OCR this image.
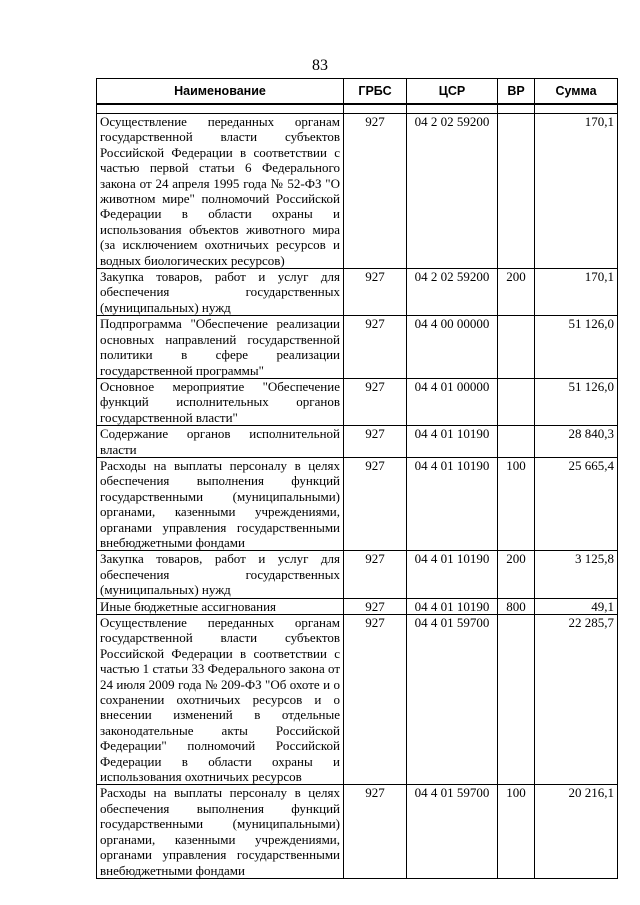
83
Наименование	ГРБС	ЦСР	ВР	Сумма

Осуществление переданных органам государственной власти субъектов Российской Федерации в соответствии с частью первой статьи 6 Федерального закона от 24 апреля 1995 года № 52-ФЗ "О животном мире" полномочий Российской Федерации в области охраны и использования объектов животного мира (за исключением охотничьих ресурсов и водных биологических ресурсов)	927	04 2 02 59200		170,1
Закупка товаров, работ и услуг для обеспечения государственных (муниципальных) нужд	927	04 2 02 59200	200	170,1
Подпрограмма "Обеспечение реализации основных направлений государственной политики в сфере реализации государственной программы"	927	04 4 00 00000		51 126,0
Основное мероприятие "Обеспечение функций исполнительных органов государственной власти"	927	04 4 01 00000		51 126,0
Содержание органов исполнительной власти	927	04 4 01 10190		28 840,3
Расходы на выплаты персоналу в целях обеспечения выполнения функций государственными (муниципальными) органами, казенными учреждениями, органами управления государственными внебюджетными фондами	927	04 4 01 10190	100	25 665,4
Закупка товаров, работ и услуг для обеспечения государственных (муниципальных) нужд	927	04 4 01 10190	200	3 125,8
Иные бюджетные ассигнования	927	04 4 01 10190	800	49,1
Осуществление переданных органам государственной власти субъектов Российской Федерации в соответствии с частью 1 статьи 33 Федерального закона от 24 июля 2009 года № 209-ФЗ "Об охоте и о сохранении охотничьих ресурсов и о внесении изменений в отдельные законодательные акты Российской Федерации" полномочий Российской Федерации в области охраны и использования охотничьих ресурсов	927	04 4 01 59700		22 285,7
Расходы на выплаты персоналу в целях обеспечения выполнения функций государственными (муниципальными) органами, казенными учреждениями, органами управления государственными внебюджетными фондами	927	04 4 01 59700	100	20 216,1
